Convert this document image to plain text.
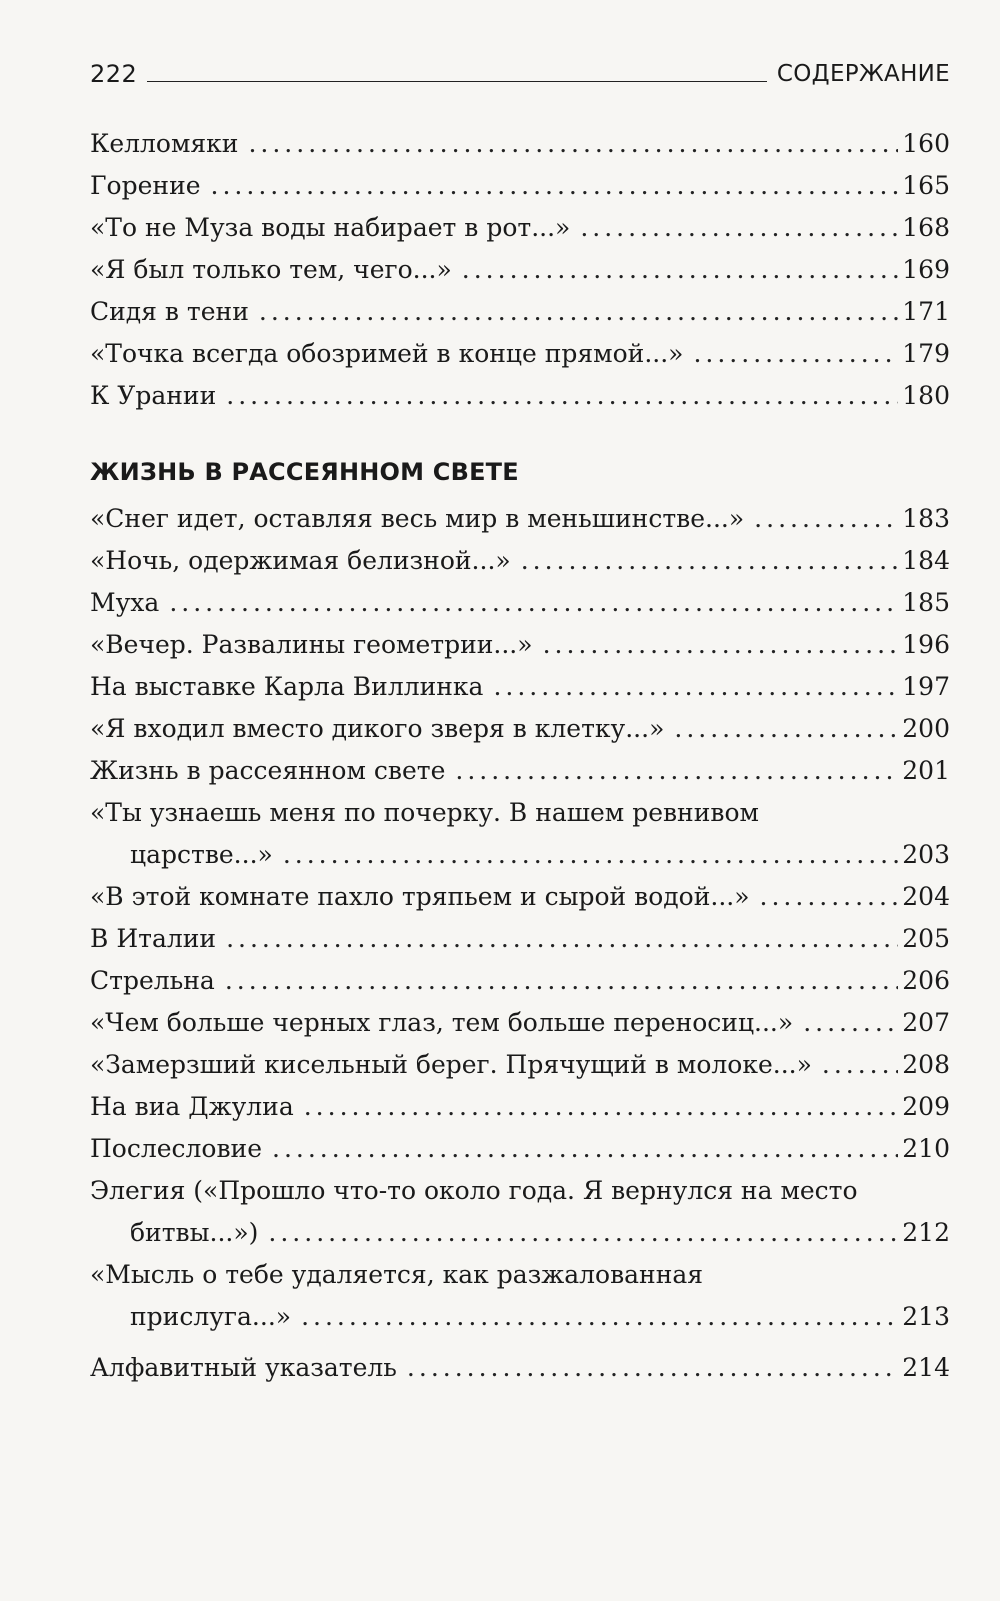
222	СОДЕРЖАНИЕ
Келломяки .....	160
Горение .....	165
«То не Муза воды набирает в рот...» .....	168
«Я был только тем, чего...» .....	169
Сидя в тени .....	171
«Точка всегда обозримей в конце прямой...» .....	179
К Урании .....	180
ЖИЗНЬ В РАССЕЯННОМ СВЕТЕ
«Снег идет, оставляя весь мир в меньшинстве...» .....	183
«Ночь, одержимая белизной...» .....	184
Муха .....	185
«Вечер. Развалины геометрии...» .....	196
На выставке Карла Виллинка .....	197
«Я входил вместо дикого зверя в клетку...» .....	200
Жизнь в рассеянном свете .....	201
«Ты узнаешь меня по почерку. В нашем ревнивом
царстве...» .....	203
«В этой комнате пахло тряпьем и сырой водой...» .....	204
В Италии .....	205
Стрельна .....	206
«Чем больше черных глаз, тем больше переносиц...» .....	207
«Замерзший кисельный берег. Прячущий в молоке...» .....	208
На виа Джулиа .....	209
Послесловие .....	210
Элегия («Прошло что-то около года. Я вернулся на место
битвы...») .....	212
«Мысль о тебе удаляется, как разжалованная
прислуга...» .....	213
Алфавитный указатель .....	214
